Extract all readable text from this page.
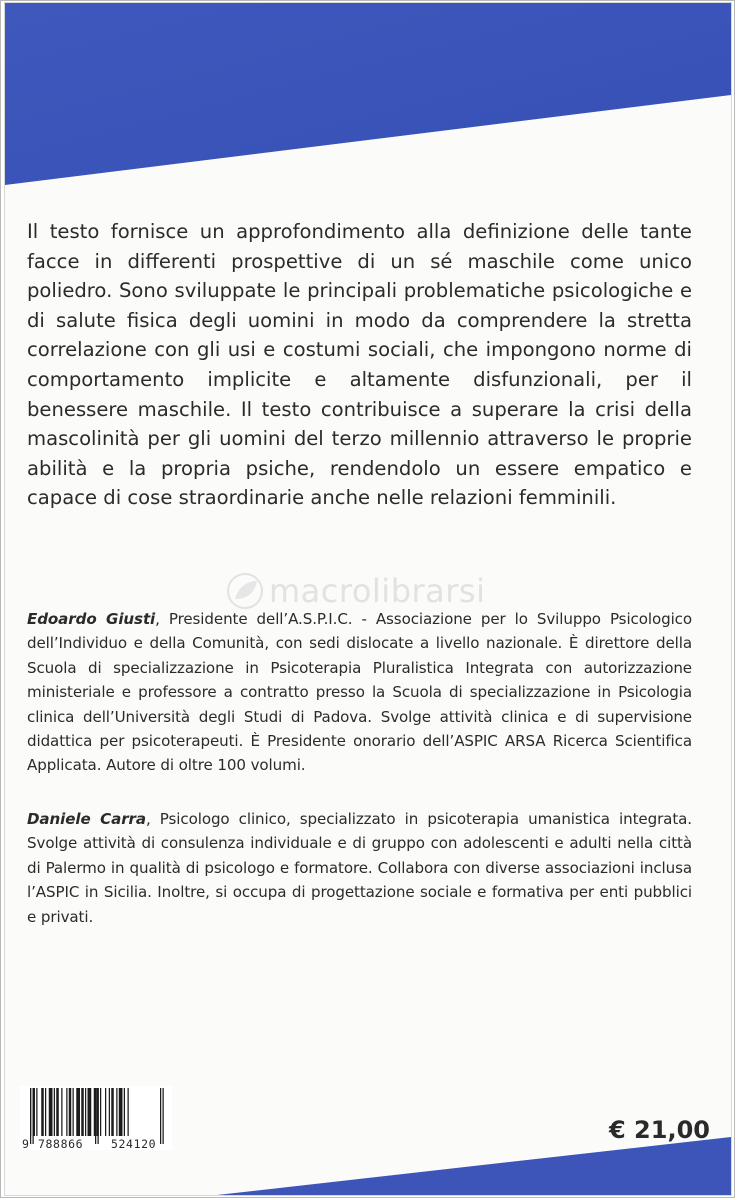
Il testo fornisce un approfondimento alla definizione delle tante facce in differenti prospettive di un sé maschile come unico poliedro. Sono sviluppate le principali problematiche psicologiche e di salute fisica degli uomini in modo da comprendere la stretta correlazione con gli usi e costumi sociali, che impongono norme di comportamento implicite e altamente disfunzionali, per il benessere maschile. Il testo contribuisce a superare la crisi della mascolinità per gli uomini del terzo millennio attraverso le proprie abilità e la propria psiche, rendendolo un essere empatico e capace di cose straordinarie anche nelle relazioni femminili.

macrolibrarsi

Edoardo Giusti, Presidente dell’A.S.P.I.C. - Associazione per lo Sviluppo Psicologico dell’Individuo e della Comunità, con sedi dislocate a livello nazionale. È direttore della Scuola di specializzazione in Psicoterapia Pluralistica Integrata con autorizzazione ministeriale e professore a contratto presso la Scuola di specializzazione in Psicologia clinica dell’Università degli Studi di Padova. Svolge attività clinica e di supervisione didattica per psicoterapeuti. È Presidente onorario dell’ASPIC ARSA Ricerca Scientifica Applicata. Autore di oltre 100 volumi.

Daniele Carra, Psicologo clinico, specializzato in psicoterapia umanistica integrata. Svolge attività di consulenza individuale e di gruppo con adolescenti e adulti nella città di Palermo in qualità di psicologo e formatore. Collabora con diverse associazioni inclusa l’ASPIC in Sicilia. Inoltre, si occupa di progettazione sociale e formativa per enti pubblici e privati.

9 788866 524120	€ 21,00
